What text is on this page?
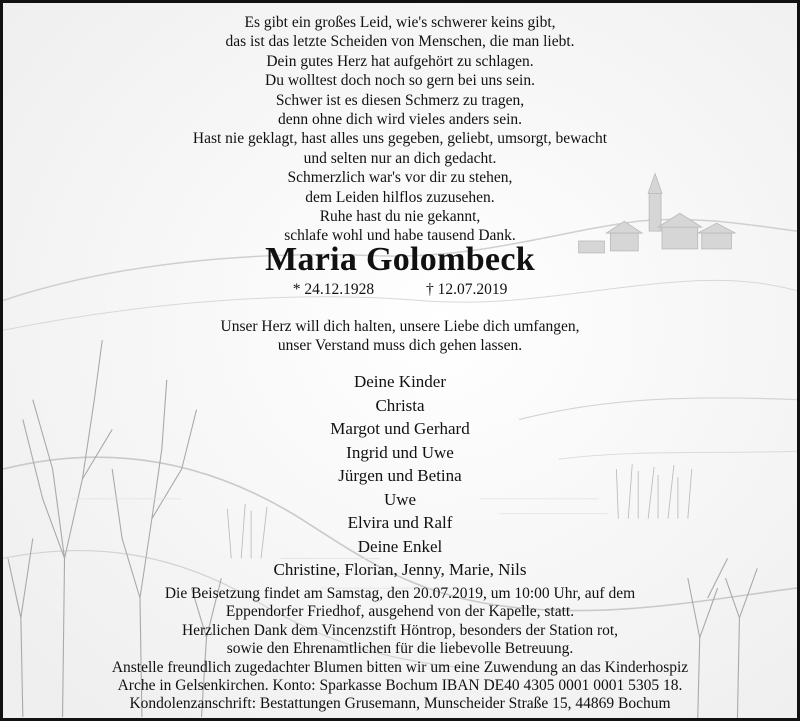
Es gibt ein großes Leid, wie's schwerer keins gibt,
das ist das letzte Scheiden von Menschen, die man liebt.
Dein gutes Herz hat aufgehört zu schlagen.
Du wolltest doch noch so gern bei uns sein.
Schwer ist es diesen Schmerz zu tragen,
denn ohne dich wird vieles anders sein.
Hast nie geklagt, hast alles uns gegeben, geliebt, umsorgt, bewacht
und selten nur an dich gedacht.
Schmerzlich war's vor dir zu stehen,
dem Leiden hilflos zuzusehen.
Ruhe hast du nie gekannt,
schlafe wohl und habe tausend Dank.
Maria Golombeck
* 24.12.1928	† 12.07.2019
Unser Herz will dich halten, unsere Liebe dich umfangen,
unser Verstand muss dich gehen lassen.
Deine Kinder
Christa
Margot und Gerhard
Ingrid und Uwe
Jürgen und Betina
Uwe
Elvira und Ralf
Deine Enkel
Christine, Florian, Jenny, Marie, Nils
Die Beisetzung findet am Samstag, den 20.07.2019, um 10:00 Uhr, auf dem
Eppendorfer Friedhof, ausgehend von der Kapelle, statt.
Herzlichen Dank dem Vincenzstift Höntrop, besonders der Station rot,
sowie den Ehrenamtlichen für die liebevolle Betreuung.
Anstelle freundlich zugedachter Blumen bitten wir um eine Zuwendung an das Kinderhospiz
Arche in Gelsenkirchen. Konto: Sparkasse Bochum IBAN DE40 4305 0001 0001 5305 18.
Kondolenzanschrift: Bestattungen Grusemann, Munscheider Straße 15, 44869 Bochum
